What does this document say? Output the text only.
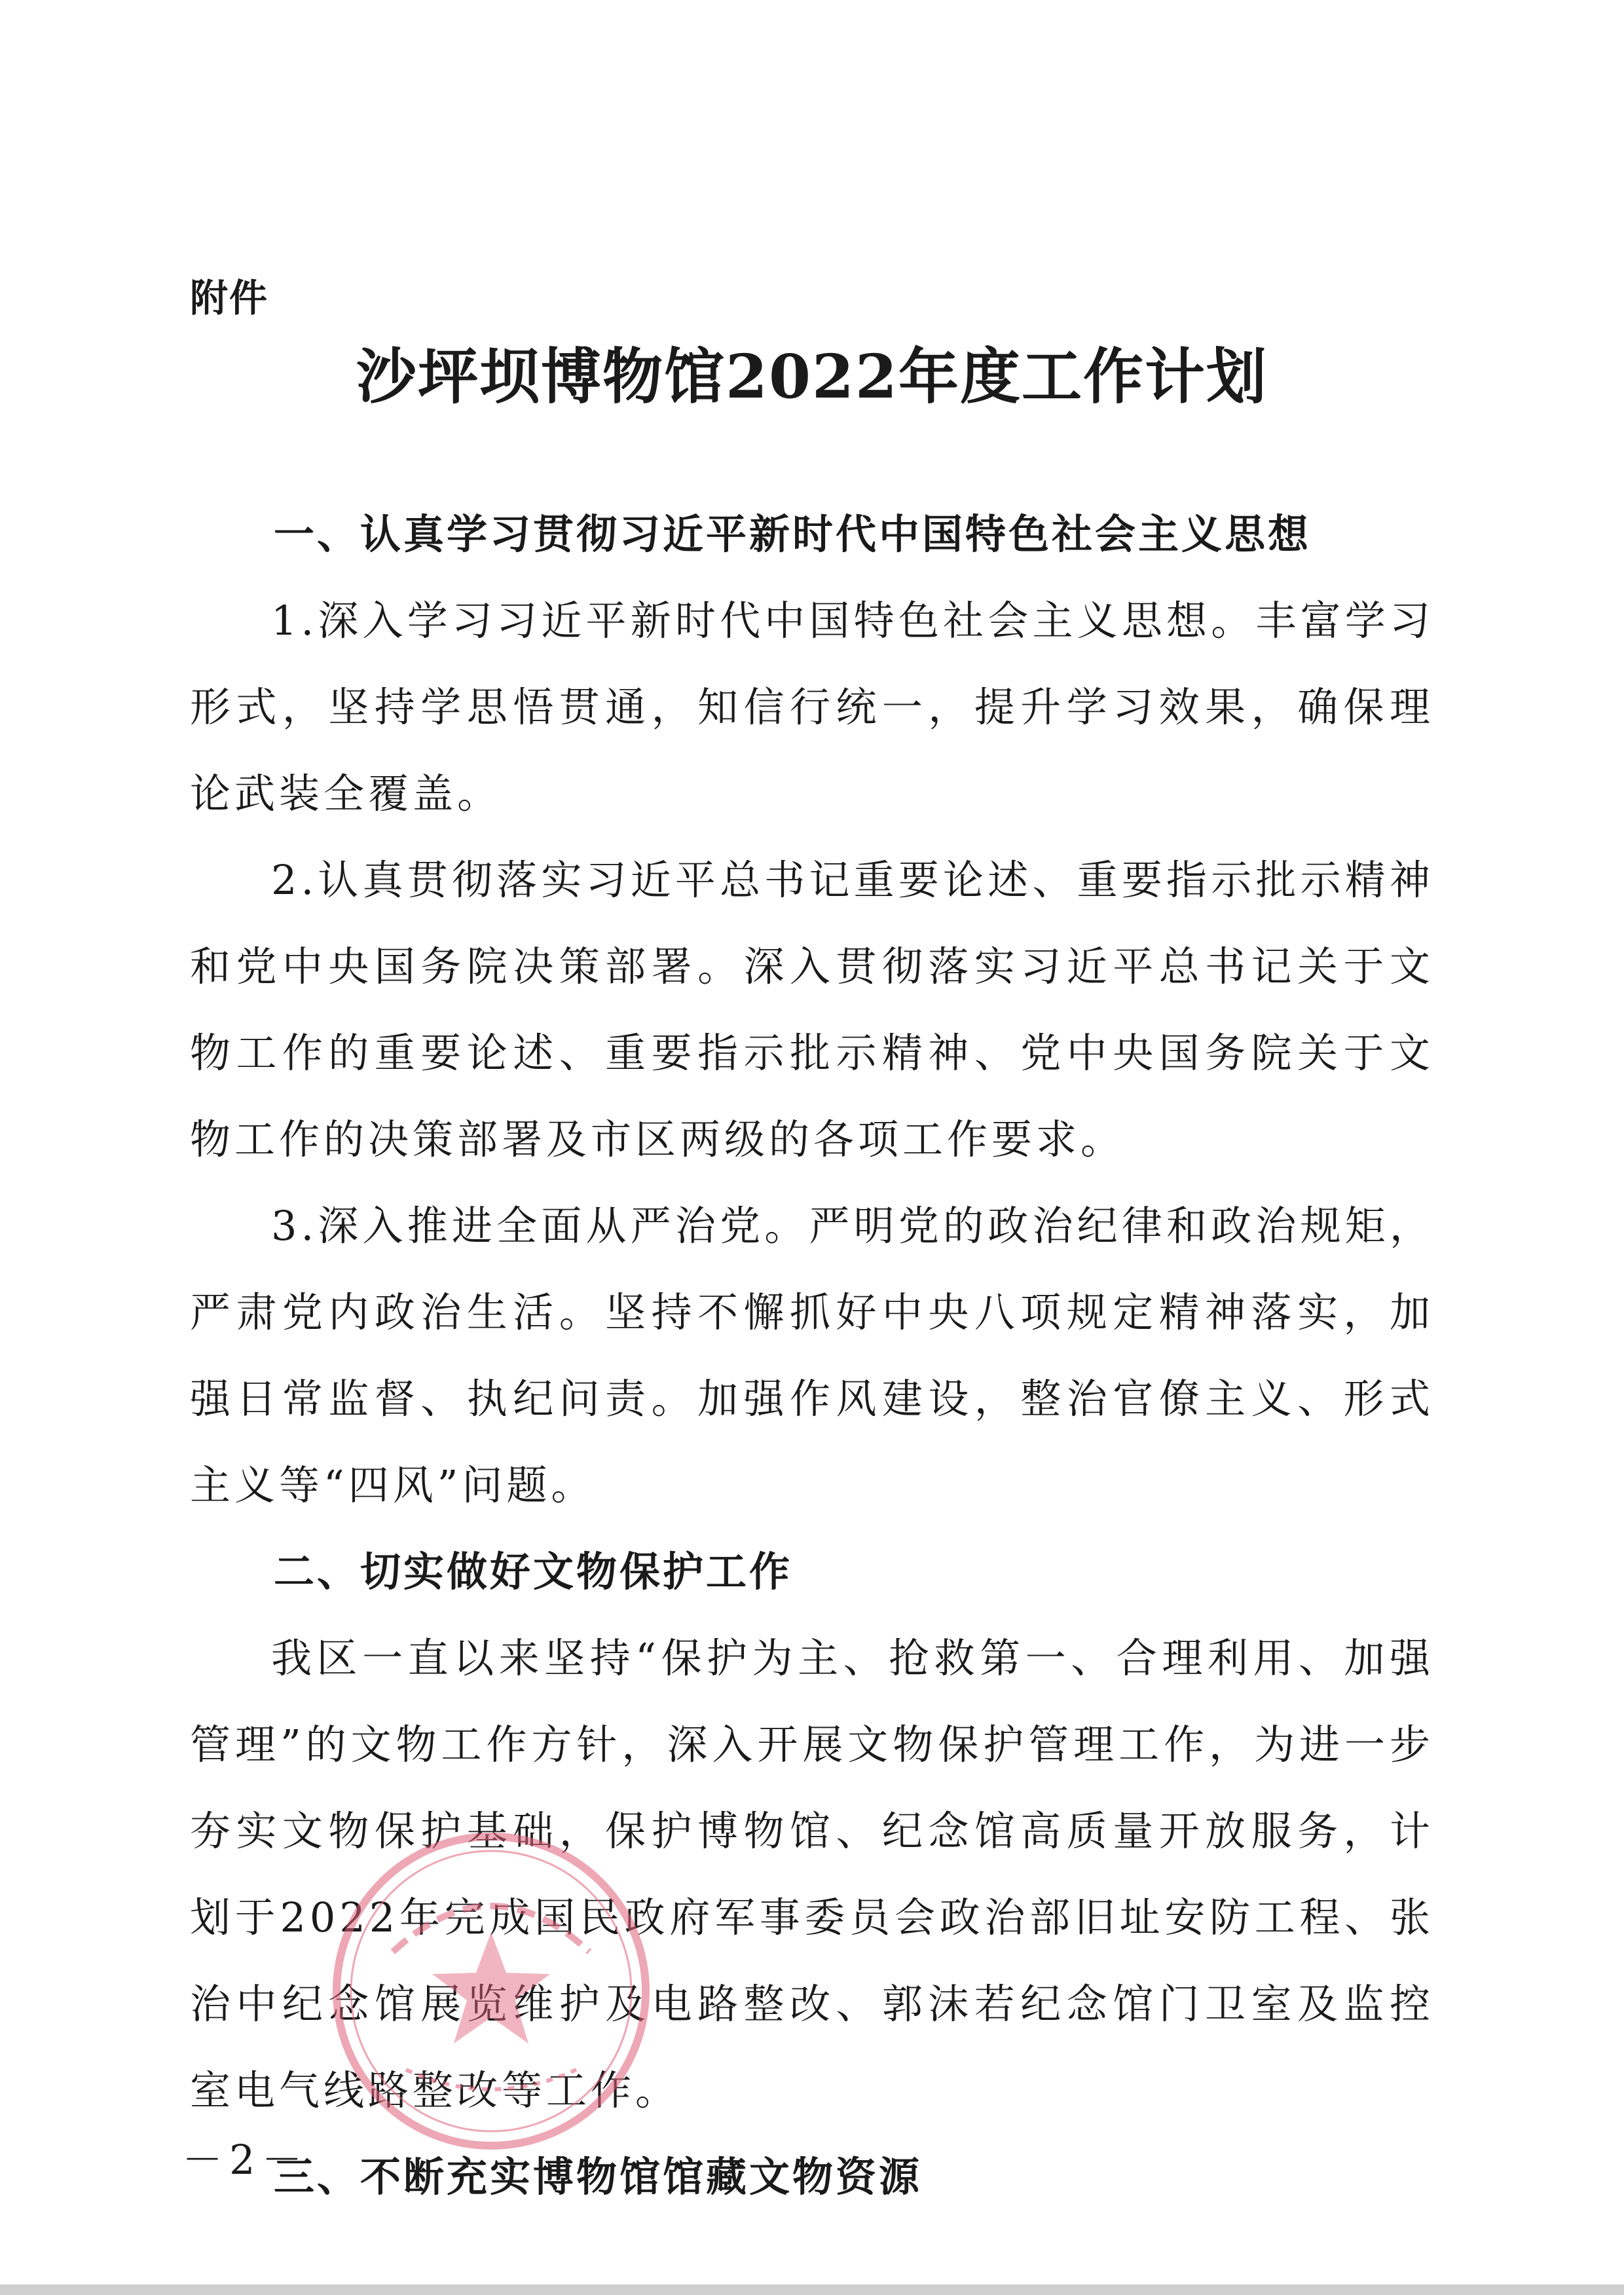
附件
沙坪坝博物馆2022年度工作计划
一、认真学习贯彻习近平新时代中国特色社会主义思想

1.深入学习习近平新时代中国特色社会主义思想。丰富学习形式，坚持学思悟贯通，知信行统一，提升学习效果，确保理论武装全覆盖。

2.认真贯彻落实习近平总书记重要论述、重要指示批示精神和党中央国务院决策部署。深入贯彻落实习近平总书记关于文物工作的重要论述、重要指示批示精神、党中央国务院关于文物工作的决策部署及市区两级的各项工作要求。

3.深入推进全面从严治党。严明党的政治纪律和政治规矩，严肃党内政治生活。坚持不懈抓好中央八项规定精神落实，加强日常监督、执纪问责。加强作风建设，整治官僚主义、形式主义等“四风”问题。

二、切实做好文物保护工作

我区一直以来坚持“保护为主、抢救第一、合理利用、加强管理”的文物工作方针，深入开展文物保护管理工作，为进一步夯实文物保护基础，保护博物馆、纪念馆高质量开放服务，计划于2022年完成国民政府军事委员会政治部旧址安防工程、张治中纪念馆展览维护及电路整改、郭沫若纪念馆门卫室及监控室电气线路整改等工作。

三、不断充实博物馆馆藏文物资源
－2－
